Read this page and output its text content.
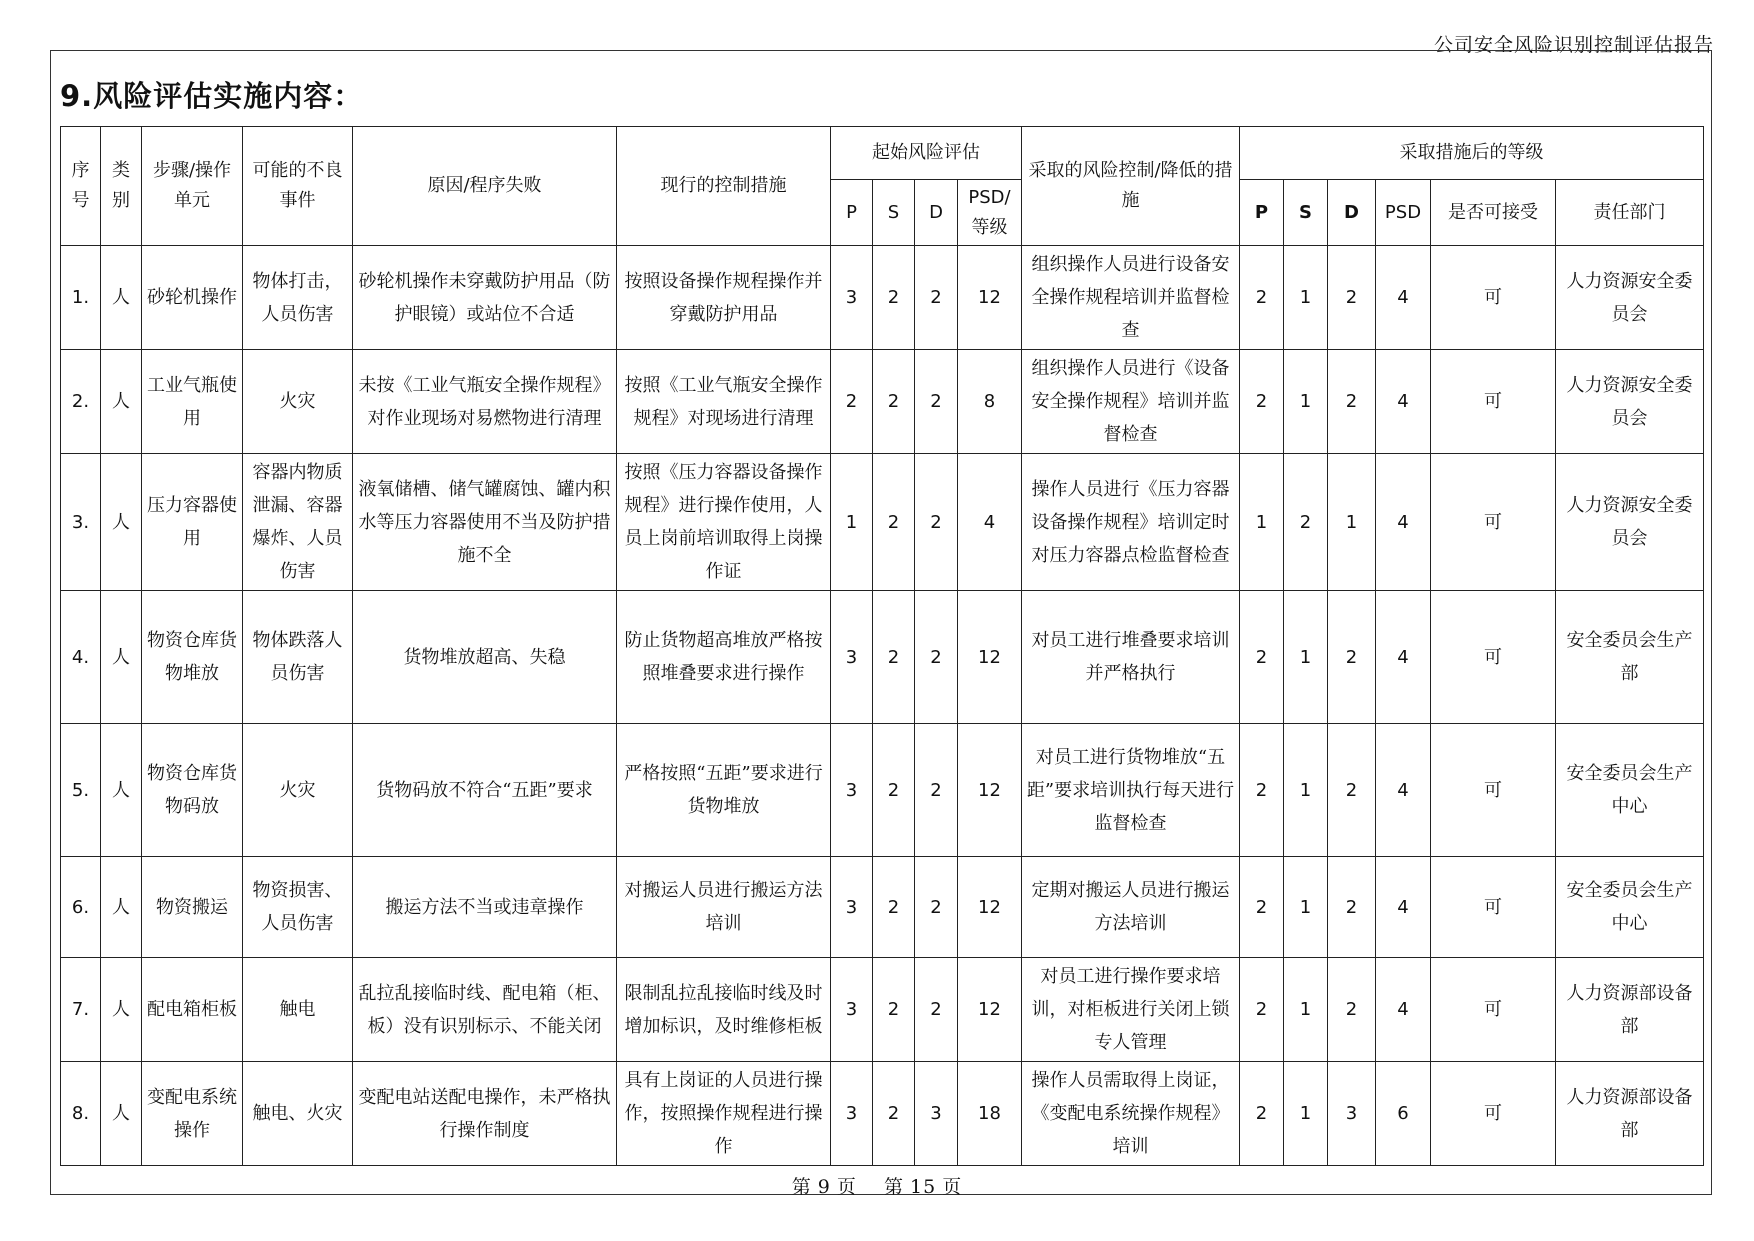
公司安全风险识别控制评估报告
9.风险评估实施内容：
序号	类别	步骤/操作单元	可能的不良事件	原因/程序失败	现行的控制措施	起始风险评估				采取的风险控制/降低的措施	采取措施后的等级					
						P	S	D	PSD/等级		P	S	D	PSD	是否可接受	责任部门
1.	人	砂轮机操作	物体打击，人员伤害	砂轮机操作未穿戴防护用品（防护眼镜）或站位不合适	按照设备操作规程操作并穿戴防护用品	3	2	2	12	组织操作人员进行设备安全操作规程培训并监督检查	2	1	2	4	可	人力资源安全委员会
2.	人	工业气瓶使用	火灾	未按《工业气瓶安全操作规程》对作业现场对易燃物进行清理	按照《工业气瓶安全操作规程》对现场进行清理	2	2	2	8	组织操作人员进行《设备安全操作规程》培训并监督检查	2	1	2	4	可	人力资源安全委员会
3.	人	压力容器使用	容器内物质泄漏、容器爆炸、人员伤害	液氧储槽、储气罐腐蚀、罐内积水等压力容器使用不当及防护措施不全	按照《压力容器设备操作规程》进行操作使用，人员上岗前培训取得上岗操作证	1	2	2	4	操作人员进行《压力容器设备操作规程》培训定时对压力容器点检监督检查	1	2	1	4	可	人力资源安全委员会
4.	人	物资仓库货物堆放	物体跌落人员伤害	货物堆放超高、失稳	防止货物超高堆放严格按照堆叠要求进行操作	3	2	2	12	对员工进行堆叠要求培训并严格执行	2	1	2	4	可	安全委员会生产部
5.	人	物资仓库货物码放	火灾	货物码放不符合“五距”要求	严格按照“五距”要求进行货物堆放	3	2	2	12	对员工进行货物堆放“五距”要求培训执行每天进行监督检查	2	1	2	4	可	安全委员会生产中心
6.	人	物资搬运	物资损害、人员伤害	搬运方法不当或违章操作	对搬运人员进行搬运方法培训	3	2	2	12	定期对搬运人员进行搬运方法培训	2	1	2	4	可	安全委员会生产中心
7.	人	配电箱柜板	触电	乱拉乱接临时线、配电箱（柜、板）没有识别标示、不能关闭	限制乱拉乱接临时线及时增加标识，及时维修柜板	3	2	2	12	对员工进行操作要求培训，对柜板进行关闭上锁专人管理	2	1	2	4	可	人力资源部设备部
8.	人	变配电系统操作	触电、火灾	变配电站送配电操作，未严格执行操作制度	具有上岗证的人员进行操作，按照操作规程进行操作	3	2	3	18	操作人员需取得上岗证，《变配电系统操作规程》培训	2	1	3	6	可	人力资源部设备部
第 9 页 第 15 页
